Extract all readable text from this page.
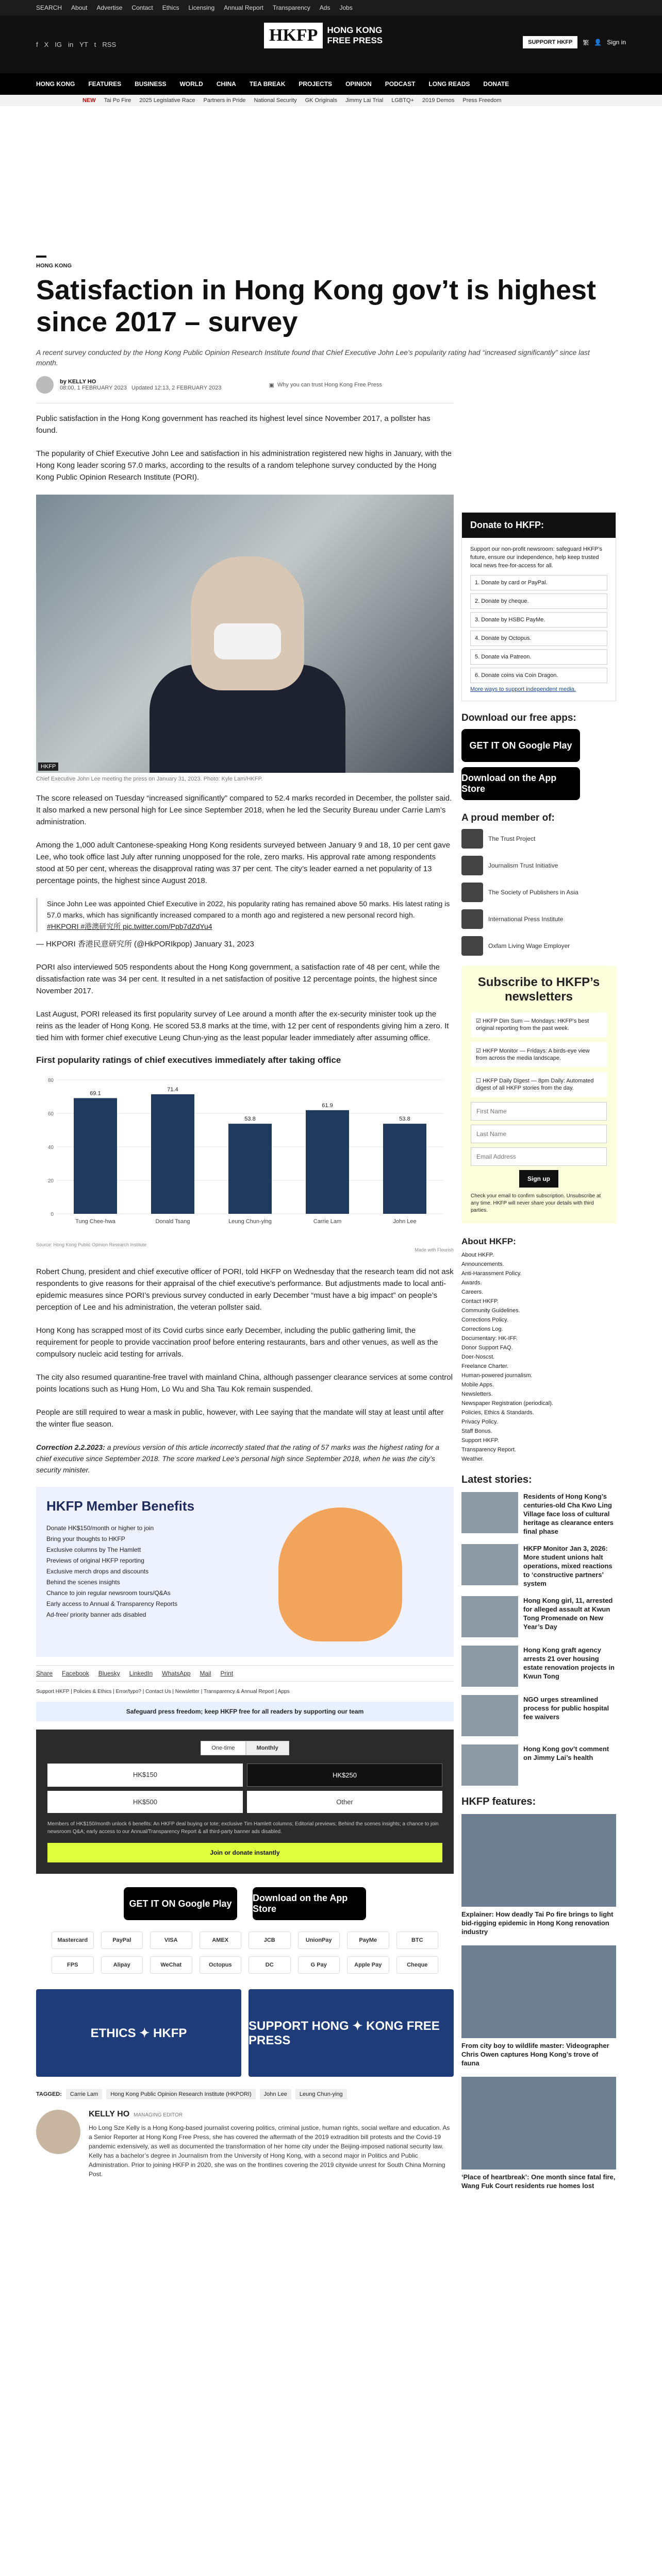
SEARCH About Advertise Contact Ethics Licensing Annual Report Transparency Ads Jobs
f X IG in YT t RSS	HKFP	HONG KONG
FREE PRESS	SUPPORT HKFP	繁 👤 Sign in
HONG KONG FEATURES BUSINESS WORLD CHINA TEA BREAK PROJECTS OPINION PODCAST LONG READS DONATE
NEW Tai Po Fire 2025 Legislative Race Partners in Pride National Security GK Originals Jimmy Lai Trial LGBTQ+ 2019 Demos Press Freedom
HONG KONG
Satisfaction in Hong Kong gov’t is highest since 2017 – survey
A recent survey conducted by the Hong Kong Public Opinion Research Institute found that Chief Executive John Lee’s popularity rating had “increased significantly” since last month.
by KELLY HO
08:00, 1 FEBRUARY 2023 Updated 12:13, 2 FEBRUARY 2023	▣ Why you can trust Hong Kong Free Press

Public satisfaction in the Hong Kong government has reached its highest level since November 2017, a pollster has found.

The popularity of Chief Executive John Lee and satisfaction in his administration registered new highs in January, with the Hong Kong leader scoring 57.0 marks, according to the results of a random telephone survey conducted by the Hong Kong Public Opinion Research Institute (PORI).

HKFP
Chief Executive John Lee meeting the press on January 31, 2023. Photo: Kyle Lam/HKFP.

The score released on Tuesday “increased significantly” compared to 52.4 marks recorded in December, the pollster said. It also marked a new personal high for Lee since September 2018, when he led the Security Bureau under Carrie Lam’s administration.

Among the 1,000 adult Cantonese-speaking Hong Kong residents surveyed between January 9 and 18, 10 per cent gave Lee, who took office last July after running unopposed for the role, zero marks. His approval rate among respondents stood at 50 per cent, whereas the disapproval rating was 37 per cent. The city’s leader earned a net popularity of 13 percentage points, the highest since August 2018.

Since John Lee was appointed Chief Executive in 2022, his popularity rating has remained above 50 marks. His latest rating is 57.0 marks, which has significantly increased compared to a month ago and registered a new personal record high.
#HKPORI #港澳研究所 pic.twitter.com/Ppb7dZdYu4

— HKPORI 香港民意研究所 (@HkPORIkpop) January 31, 2023

PORI also interviewed 505 respondents about the Hong Kong government, a satisfaction rate of 48 per cent, while the dissatisfaction rate was 34 per cent. It resulted in a net satisfaction of positive 12 percentage points, the highest since November 2017.

Last August, PORI released its first popularity survey of Lee around a month after the ex-security minister took up the reins as the leader of Hong Kong. He scored 53.8 marks at the time, with 12 per cent of respondents giving him a zero. It tied him with former chief executive Leung Chun-ying as the least popular leader immediately after assuming office.

First popularity ratings of chief executives immediately after taking office
0
20
40
60
80
69.1
Tung Chee-hwa
71.4
Donald Tsang
53.8
Leung Chun-ying
61.9
Carrie Lam
53.8
John Lee
Source: Hong Kong Public Opinion Research Institute
Made with Flourish

Robert Chung, president and chief executive officer of PORI, told HKFP on Wednesday that the research team did not ask respondents to give reasons for their appraisal of the chief executive’s performance. But adjustments made to local anti-epidemic measures since PORI’s previous survey conducted in early December “must have a big impact” on people’s perception of Lee and his administration, the veteran pollster said.

Hong Kong has scrapped most of its Covid curbs since early December, including the public gathering limit, the requirement for people to provide vaccination proof before entering restaurants, bars and other venues, as well as the compulsory nucleic acid testing for arrivals.

The city also resumed quarantine-free travel with mainland China, although passenger clearance services at some control points locations such as Hung Hom, Lo Wu and Sha Tau Kok remain suspended.

People are still required to wear a mask in public, however, with Lee saying that the mandate will stay at least until after the winter flue season.

Correction 2.2.2023: a previous version of this article incorrectly stated that the rating of 57 marks was the highest rating for a chief executive since September 2018. The score marked Lee’s personal high since September 2018, when he was the city’s security minister.

HKFP Member Benefits
Donate HK$150/month or higher to join
Bring your thoughts to HKFP
Exclusive columns by The Hamlett
Previews of original HKFP reporting
Exclusive merch drops and discounts
Behind the scenes insights
Chance to join regular newsroom tours/Q&As
Early access to Annual & Transparency Reports
Ad-free/ priority banner ads disabled
Share Facebook Bluesky LinkedIn WhatsApp Mail Print
Support HKFP | Policies & Ethics | Error/typo? | Contact Us | Newsletter | Transparency & Annual Report | Apps
Safeguard press freedom; keep HKFP free for all readers by supporting our team
One-time	Monthly
HK$150	HK$250
HK$500	Other
Members of HK$150/month unlock 6 benefits: An HKFP deal buying or tote; exclusive Tim Hamlett columns; Editorial previews; Behind the scenes insights; a chance to join newsroom Q&A; early access to our Annual/Transparency Report & all third-party banner ads disabled.
Join or donate instantly
GET IT ON Google Play
Download on the App Store
Mastercard	PayPal	VISA	AMEX	JCB	UnionPay	PayMe	BTC
FPS	Alipay	WeChat	Octopus	DC	G Pay	Apple Pay	Cheque
ETHICS ✦ HKFP
SUPPORT HONG ✦ KONG FREE PRESS
TAGGED:	Carrie Lam	Hong Kong Public Opinion Research Institute (HKPORI)	John Lee	Leung Chun-ying
KELLY HO MANAGING EDITOR

Ho Long Sze Kelly is a Hong Kong-based journalist covering politics, criminal justice, human rights, social welfare and education. As a Senior Reporter at Hong Kong Free Press, she has covered the aftermath of the 2019 extradition bill protests and the Covid-19 pandemic extensively, as well as documented the transformation of her home city under the Beijing-imposed national security law. Kelly has a bachelor’s degree in Journalism from the University of Hong Kong, with a second major in Politics and Public Administration. Prior to joining HKFP in 2020, she was on the frontlines covering the 2019 citywide unrest for South China Morning Post.

Donate to HKFP:

Support our non-profit newsroom: safeguard HKFP’s future, ensure our independence, help keep trusted local news free-for-access for all.

1. Donate by card or PayPal.
2. Donate by cheque.
3. Donate by HSBC PayMe.
4. Donate by Octopus.
5. Donate via Patreon.
6. Donate coins via Coin Dragon.
More ways to support independent media.
Download our free apps:
GET IT ON Google Play
Download on the App Store
A proud member of:
The Trust Project
Journalism Trust Initiative
The Society of Publishers in Asia
International Press Institute
Oxfam Living Wage Employer
Subscribe to HKFP’s newsletters
☑ HKFP Dim Sum — Mondays: HKFP’s best original reporting from the past week.
☑ HKFP Monitor — Fridays: A birds-eye view from across the media landscape.
☐ HKFP Daily Digest — 8pm Daily: Automated digest of all HKFP stories from the day.
First Name Last Name Email Address Sign up
Check your email to confirm subscription. Unsubscribe at any time. HKFP will never share your details with third parties.
About HKFP:
About HKFP.
Announcements.
Anti-Harassment Policy.
Awards.
Careers.
Contact HKFP.
Community Guidelines.
Corrections Policy.
Corrections Log.
Documentary: HK-IFF.
Donor Support FAQ.
Doer-Noscst.
Freelance Charter.
Human-powered journalism.
Mobile Apps.
Newsletters.
Newspaper Registration (periodical).
Policies, Ethics & Standards.
Privacy Policy.
Staff Bonus.
Support HKFP.
Transparency Report.
Weather.
Latest stories:
Residents of Hong Kong’s centuries-old Cha Kwo Ling Village face loss of cultural heritage as clearance enters final phase
HKFP Monitor Jan 3, 2026: More student unions halt operations, mixed reactions to ‘constructive partners’ system
Hong Kong girl, 11, arrested for alleged assault at Kwun Tong Promenade on New Year’s Day
Hong Kong graft agency arrests 21 over housing estate renovation projects in Kwun Tong
NGO urges streamlined process for public hospital fee waivers
Hong Kong gov’t comment on Jimmy Lai’s health
HKFP features:
Explainer: How deadly Tai Po fire brings to light bid-rigging epidemic in Hong Kong renovation industry
From city boy to wildlife master: Videographer Chris Owen captures Hong Kong’s trove of fauna
‘Place of heartbreak’: One month since fatal fire, Wang Fuk Court residents rue homes lost
